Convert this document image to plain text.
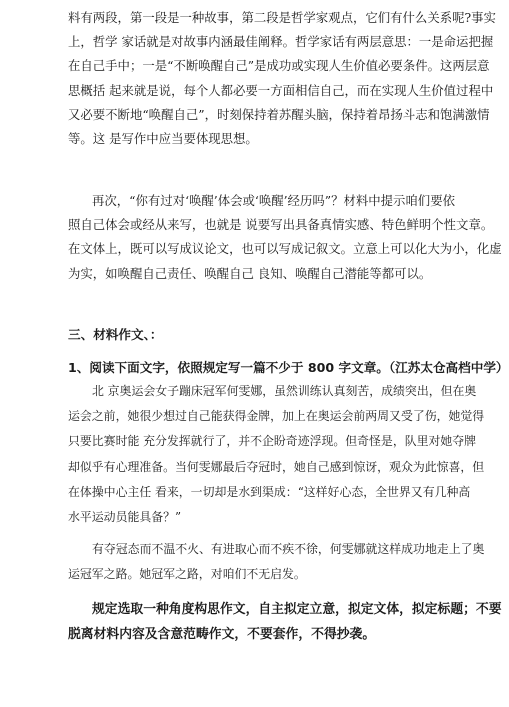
料有两段，第一段是一种故事，第二段是哲学家观点，它们有什么关系呢?事实
上，哲学 家话就是对故事内涵最佳阐释。哲学家话有两层意思：一是命运把握
在自己手中；一是“不断唤醒自己”是成功或实现人生价值必要条件。这两层意
思概括 起来就是说，每个人都必要一方面相信自己，而在实现人生价值过程中
又必要不断地“唤醒自己”，时刻保持着苏醒头脑，保持着昂扬斗志和饱满激情
等。这 是写作中应当要体现思想。
再次，“你有过对‘唤醒’体会或‘唤醒’经历吗”？材料中提示咱们要依
照自己体会或经从来写，也就是 说要写出具备真情实感、特色鲜明个性文章。
在文体上，既可以写成议论文，也可以写成记叙文。立意上可以化大为小，化虚
为实，如唤醒自己责任、唤醒自己 良知、唤醒自己潜能等都可以。
三、材料作文、：
1、阅读下面文字，依照规定写一篇不少于 800 字文章。（江苏太仓高档中学）
北 京奥运会女子蹦床冠军何雯娜，虽然训练认真刻苦，成绩突出，但在奥
运会之前，她很少想过自己能获得金牌，加上在奥运会前两周又受了伤，她觉得
只要比赛时能 充分发挥就行了，并不企盼奇迹浮现。但奇怪是，队里对她夺牌
却似乎有心理准备。当何雯娜最后夺冠时，她自己感到惊讶，观众为此惊喜，但
在体操中心主任 看来，一切却是水到渠成：“这样好心态，全世界又有几种高
水平运动员能具备？”
有夺冠态而不温不火、有进取心而不疾不徐，何雯娜就这样成功地走上了奥
运冠军之路。她冠军之路，对咱们不无启发。
规定选取一种角度构思作文，自主拟定立意，拟定文体，拟定标题；不要
脱离材料内容及含意范畴作文，不要套作，不得抄袭。
